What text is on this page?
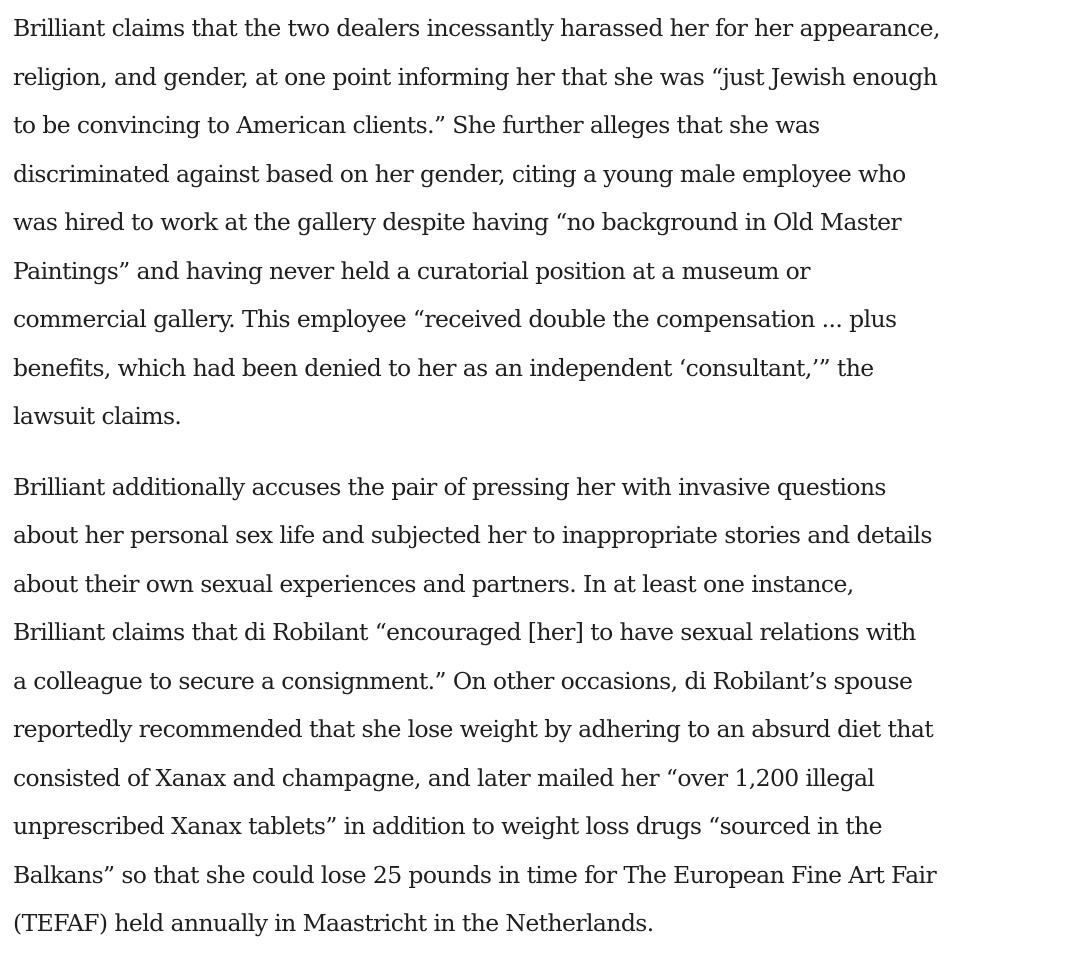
Brilliant claims that the two dealers incessantly harassed her for her appearance,
religion, and gender, at one point informing her that she was “just Jewish enough
to be convincing to American clients.” She further alleges that she was
discriminated against based on her gender, citing a young male employee who
was hired to work at the gallery despite having “no background in Old Master
Paintings” and having never held a curatorial position at a museum or
commercial gallery. This employee “received double the compensation ... plus
benefits, which had been denied to her as an independent ‘consultant,’” the
lawsuit claims.

Brilliant additionally accuses the pair of pressing her with invasive questions
about her personal sex life and subjected her to inappropriate stories and details
about their own sexual experiences and partners. In at least one instance,
Brilliant claims that di Robilant “encouraged [her] to have sexual relations with
a colleague to secure a consignment.” On other occasions, di Robilant’s spouse
reportedly recommended that she lose weight by adhering to an absurd diet that
consisted of Xanax and champagne, and later mailed her “over 1,200 illegal
unprescribed Xanax tablets” in addition to weight loss drugs “sourced in the
Balkans” so that she could lose 25 pounds in time for The European Fine Art Fair
(TEFAF) held annually in Maastricht in the Netherlands.
